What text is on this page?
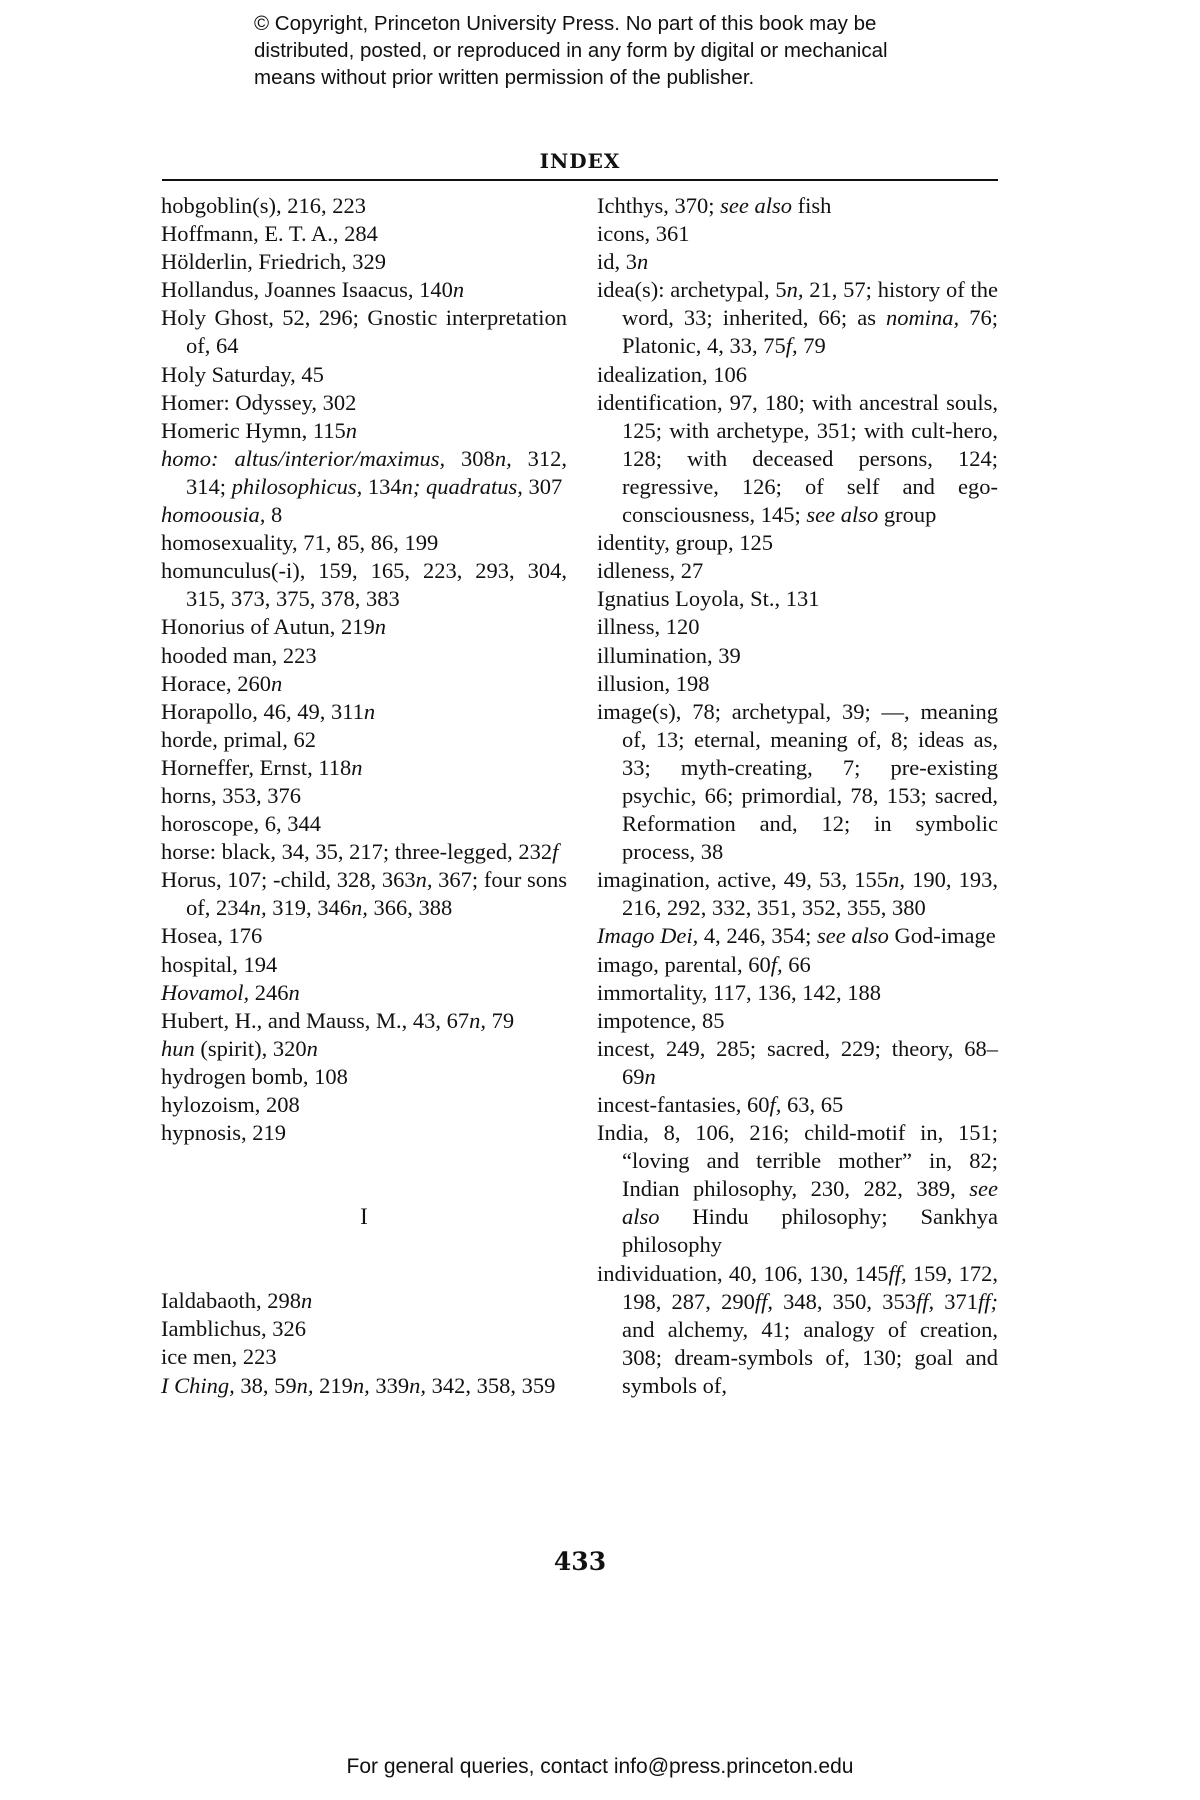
© Copyright, Princeton University Press. No part of this book may be
distributed, posted, or reproduced in any form by digital or mechanical
means without prior written permission of the publisher.
INDEX
hobgoblin(s), 216, 223
Hoffmann, E. T. A., 284
Hölderlin, Friedrich, 329
Hollandus, Joannes Isaacus, 140n
Holy Ghost, 52, 296; Gnostic interpretation of, 64
Holy Saturday, 45
Homer: Odyssey, 302
Homeric Hymn, 115n
homo: altus/interior/maximus, 308n, 312, 314; philosophicus, 134n; quadratus, 307
homoousia, 8
homosexuality, 71, 85, 86, 199
homunculus(-i), 159, 165, 223, 293, 304, 315, 373, 375, 378, 383
Honorius of Autun, 219n
hooded man, 223
Horace, 260n
Horapollo, 46, 49, 311n
horde, primal, 62
Horneffer, Ernst, 118n
horns, 353, 376
horoscope, 6, 344
horse: black, 34, 35, 217; three-legged, 232f
Horus, 107; -child, 328, 363n, 367; four sons of, 234n, 319, 346n, 366, 388
Hosea, 176
hospital, 194
Hovamol, 246n
Hubert, H., and Mauss, M., 43, 67n, 79
hun (spirit), 320n
hydrogen bomb, 108
hylozoism, 208
hypnosis, 219
I
Ialdabaoth, 298n
Iamblichus, 326
ice men, 223
I Ching, 38, 59n, 219n, 339n, 342, 358, 359
Ichthys, 370; see also fish
icons, 361
id, 3n
idea(s): archetypal, 5n, 21, 57; history of the word, 33; inherited, 66; as nomina, 76; Platonic, 4, 33, 75f, 79
idealization, 106
identification, 97, 180; with ancestral souls, 125; with archetype, 351; with cult-hero, 128; with deceased persons, 124; regressive, 126; of self and ego-consciousness, 145; see also group
identity, group, 125
idleness, 27
Ignatius Loyola, St., 131
illness, 120
illumination, 39
illusion, 198
image(s), 78; archetypal, 39; —, meaning of, 13; eternal, meaning of, 8; ideas as, 33; myth-creating, 7; pre-existing psychic, 66; primordial, 78, 153; sacred, Reformation and, 12; in symbolic process, 38
imagination, active, 49, 53, 155n, 190, 193, 216, 292, 332, 351, 352, 355, 380
Imago Dei, 4, 246, 354; see also God-image
imago, parental, 60f, 66
immortality, 117, 136, 142, 188
impotence, 85
incest, 249, 285; sacred, 229; theory, 68–69n
incest-fantasies, 60f, 63, 65
India, 8, 106, 216; child-motif in, 151; “loving and terrible mother” in, 82; Indian philosophy, 230, 282, 389, see also Hindu philosophy; Sankhya philosophy
individuation, 40, 106, 130, 145ff, 159, 172, 198, 287, 290ff, 348, 350, 353ff, 371ff; and alchemy, 41; analogy of creation, 308; dream-symbols of, 130; goal and symbols of,
433
For general queries, contact info@press.princeton.edu
